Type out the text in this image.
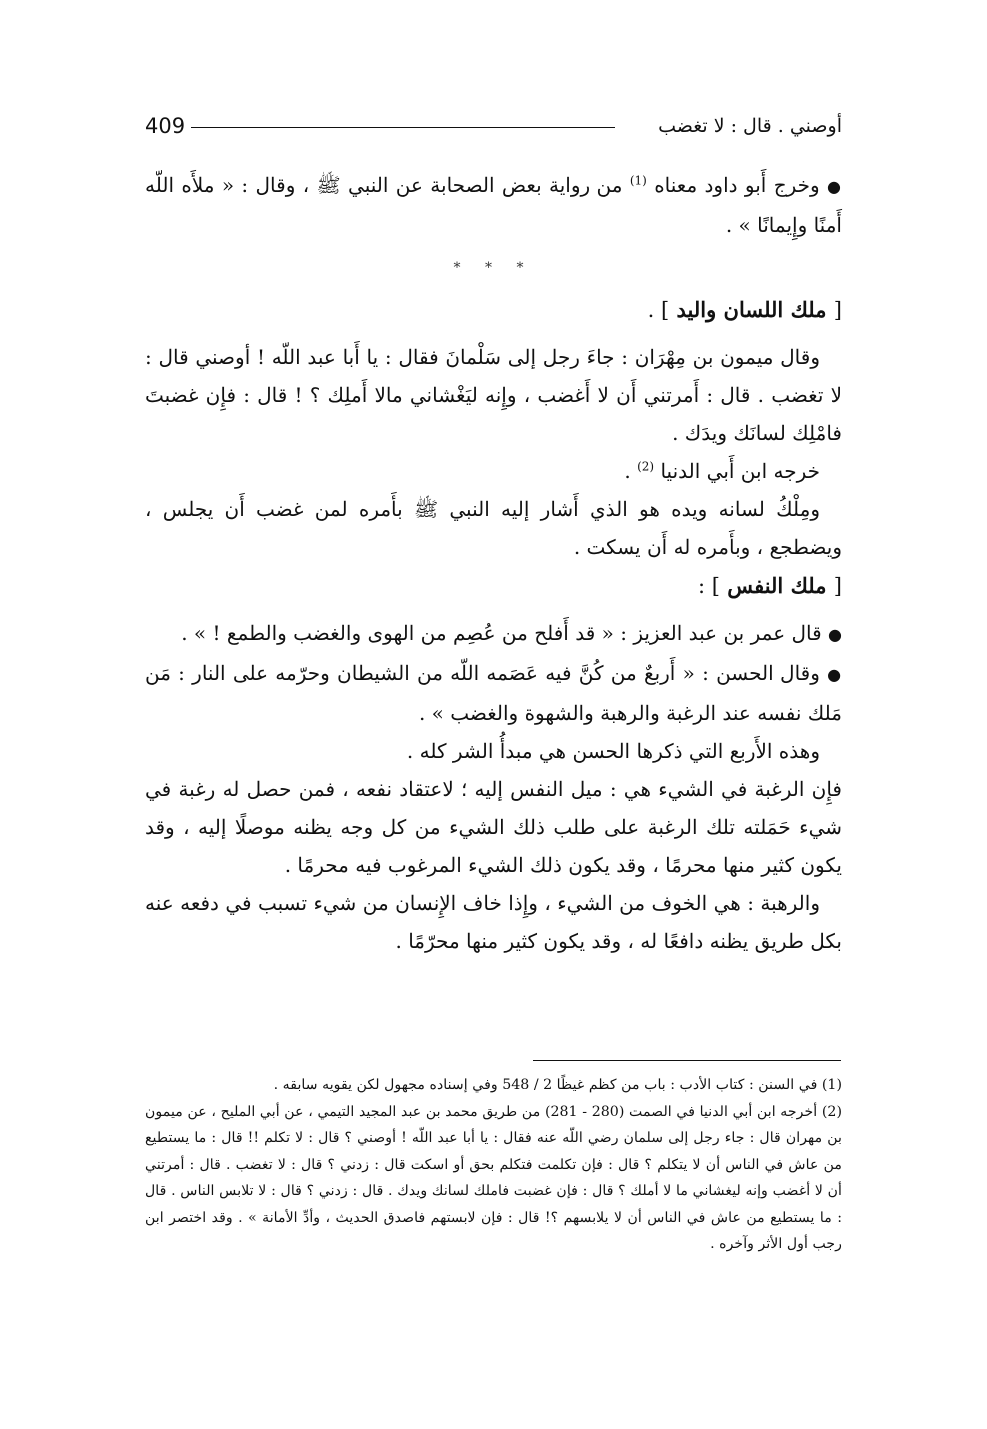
409	أوصني . قال : لا تغضب

● وخرج أَبو داود معناه $^{(1)}$ من رواية بعض الصحابة عن النبي ﷺ ، وقال : « ملأَه اللّه أَمنًا وإِيمانًا » .

* * *

[ ملك اللسان واليد ] .

وقال ميمون بن مِهْرَان : جاءَ رجل إلى سَلْمانَ فقال : يا أَبا عبد اللّه ! أوصني قال : لا تغضب . قال : أَمرتني أَن لا أَغضب ، وإِنه ليَغْشاني مالا أَملِك ؟ ! قال : فإِن غضبتَ فامْلِك لسانَك ويدَك .

خرجه ابن أَبي الدنيا $^{(2)}$ .

ومِلْكُ لسانه ويده هو الذي أَشار إليه النبي ﷺ بأَمره لمن غضب أَن يجلس ، ويضطجع ، وبأَمره له أَن يسكت .

[ ملك النفس ] :

● قال عمر بن عبد العزيز : « قد أَفلح من عُصِم من الهوى والغضب والطمع ! » .

● وقال الحسن : « أَربعٌ من كُنَّ فيه عَصَمه اللّه من الشيطان وحرّمه على النار : مَن مَلك نفسه عند الرغبة والرهبة والشهوة والغضب » .

وهذه الأَربع التي ذكرها الحسن هي مبدأُ الشر كله .

فإِن الرغبة في الشيء هي : ميل النفس إليه ؛ لاعتقاد نفعه ، فمن حصل له رغبة في شيء حَمَلته تلك الرغبة على طلب ذلك الشيء من كل وجه يظنه موصلًا إليه ، وقد يكون كثير منها محرمًا ، وقد يكون ذلك الشيء المرغوب فيه محرمًا .

والرهبة : هي الخوف من الشيء ، وإِذا خاف الإِنسان من شيء تسبب في دفعه عنه بكل طريق يظنه دافعًا له ، وقد يكون كثير منها محرّمًا .

(1) في السنن : كتاب الأدب : باب من كظم غيظًا 2 / 548 وفي إسناده مجهول لكن يقويه سابقه .

(2) أخرجه ابن أبي الدنيا في الصمت (280 - 281) من طريق محمد بن عبد المجيد التيمي ، عن أبي المليح ، عن ميمون بن مهران قال : جاء رجل إلى سلمان رضي اللّه عنه فقال : يا أبا عبد اللّه ! أوصني ؟ قال : لا تكلم !! قال : ما يستطيع من عاش في الناس أن لا يتكلم ؟ قال : فإن تكلمت فتكلم بحق أو اسكت قال : زدني ؟ قال : لا تغضب . قال : أمرتني أن لا أغضب وإنه ليغشاني ما لا أملك ؟ قال : فإن غضبت فاملك لسانك ويدك . قال : زدني ؟ قال : لا تلابس الناس . قال : ما يستطيع من عاش في الناس أن لا يلابسهم ؟! قال : فإن لابستهم فاصدق الحديث ، وأدِّ الأمانة » . وقد اختصر ابن رجب أول الأثر وآخره .
